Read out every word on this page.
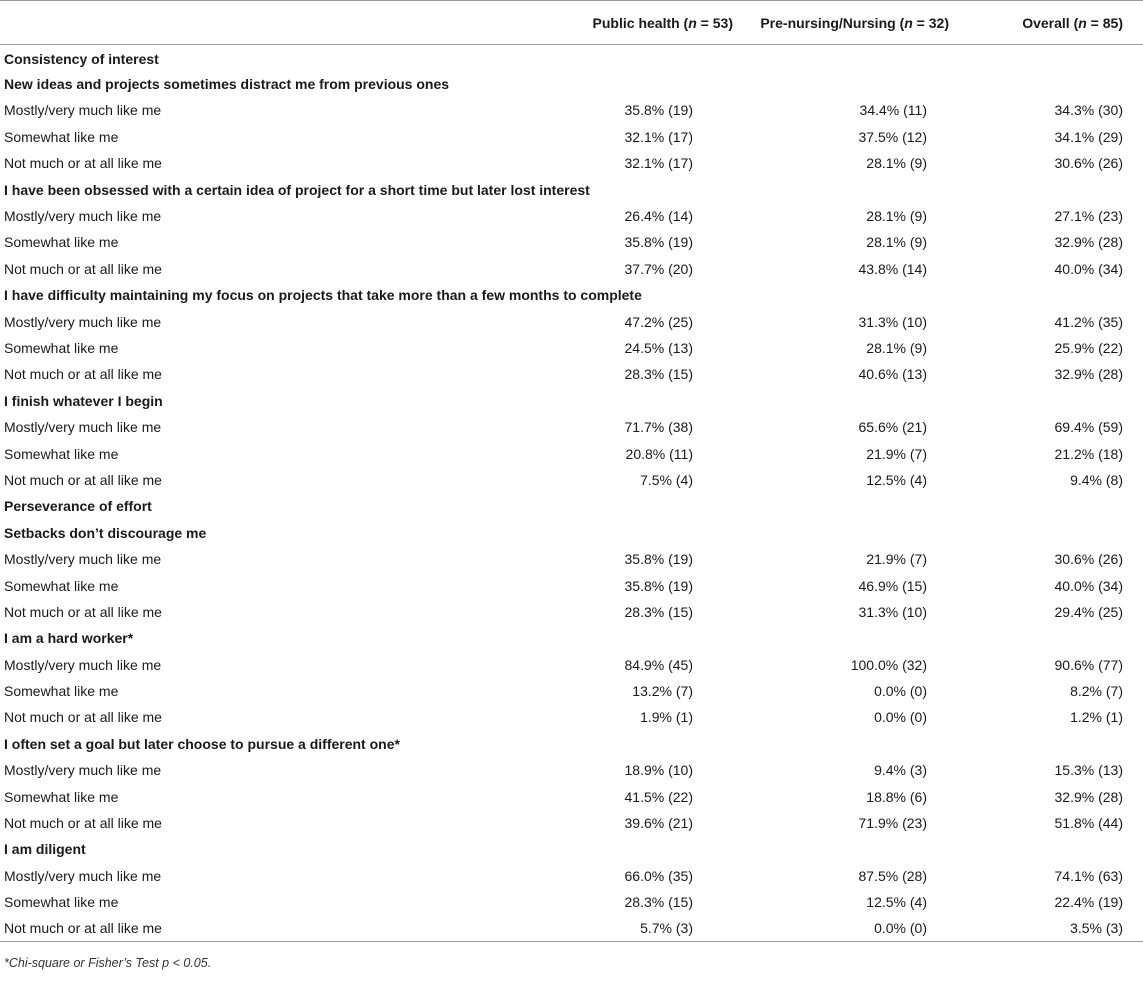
	Public health (n = 53)	Pre-nursing/Nursing (n = 32)	Overall (n = 85)
Consistency of interest			
New ideas and projects sometimes distract me from previous ones			
Mostly/very much like me	35.8% (19)	34.4% (11)	34.3% (30)
Somewhat like me	32.1% (17)	37.5% (12)	34.1% (29)
Not much or at all like me	32.1% (17)	28.1% (9)	30.6% (26)
I have been obsessed with a certain idea of project for a short time but later lost interest			
Mostly/very much like me	26.4% (14)	28.1% (9)	27.1% (23)
Somewhat like me	35.8% (19)	28.1% (9)	32.9% (28)
Not much or at all like me	37.7% (20)	43.8% (14)	40.0% (34)
I have difficulty maintaining my focus on projects that take more than a few months to complete			
Mostly/very much like me	47.2% (25)	31.3% (10)	41.2% (35)
Somewhat like me	24.5% (13)	28.1% (9)	25.9% (22)
Not much or at all like me	28.3% (15)	40.6% (13)	32.9% (28)
I finish whatever I begin			
Mostly/very much like me	71.7% (38)	65.6% (21)	69.4% (59)
Somewhat like me	20.8% (11)	21.9% (7)	21.2% (18)
Not much or at all like me	7.5% (4)	12.5% (4)	9.4% (8)
Perseverance of effort			
Setbacks don’t discourage me			
Mostly/very much like me	35.8% (19)	21.9% (7)	30.6% (26)
Somewhat like me	35.8% (19)	46.9% (15)	40.0% (34)
Not much or at all like me	28.3% (15)	31.3% (10)	29.4% (25)
I am a hard worker*			
Mostly/very much like me	84.9% (45)	100.0% (32)	90.6% (77)
Somewhat like me	13.2% (7)	0.0% (0)	8.2% (7)
Not much or at all like me	1.9% (1)	0.0% (0)	1.2% (1)
I often set a goal but later choose to pursue a different one*			
Mostly/very much like me	18.9% (10)	9.4% (3)	15.3% (13)
Somewhat like me	41.5% (22)	18.8% (6)	32.9% (28)
Not much or at all like me	39.6% (21)	71.9% (23)	51.8% (44)
I am diligent			
Mostly/very much like me	66.0% (35)	87.5% (28)	74.1% (63)
Somewhat like me	28.3% (15)	12.5% (4)	22.4% (19)
Not much or at all like me	5.7% (3)	0.0% (0)	3.5% (3)
*Chi-square or Fisher’s Test p < 0.05.
